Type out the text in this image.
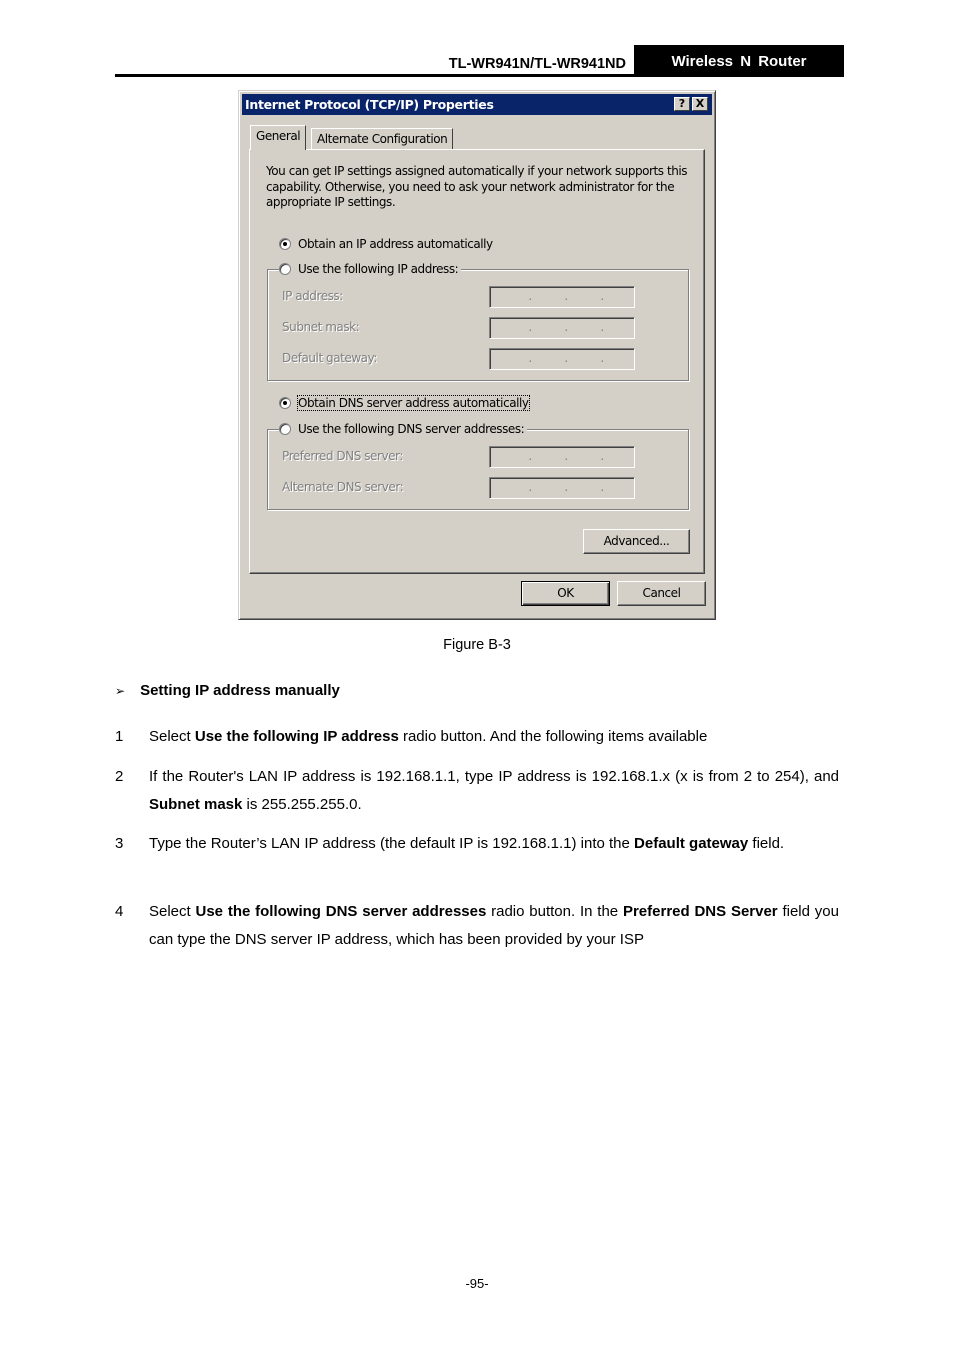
TL-WR941N/TL-WR941ND	Wireless N Router
Internet Protocol (TCP/IP) Properties	? X
General	Alternate Configuration
You can get IP settings assigned automatically if your network supports this capability. Otherwise, you need to ask your network administrator for the appropriate IP settings.
Obtain an IP address automatically
Use the following IP address:
IP address:	.	.	.
Subnet mask:	.	.	.
Default gateway:	.	.	.
Obtain DNS server address automatically
Use the following DNS server addresses:
Preferred DNS server:	.	.	.
Alternate DNS server:	.	.	.
Advanced...
OK	Cancel
Figure B-3
➢ Setting IP address manually
1	Select Use the following IP address radio button. And the following items available
2	If the Router's LAN IP address is 192.168.1.1, type IP address is 192.168.1.x (x is from 2 to 254), and Subnet mask is 255.255.255.0.
3	Type the Router’s LAN IP address (the default IP is 192.168.1.1) into the Default gateway field.
4	Select Use the following DNS server addresses radio button. In the Preferred DNS Server field you can type the DNS server IP address, which has been provided by your ISP
-95-
